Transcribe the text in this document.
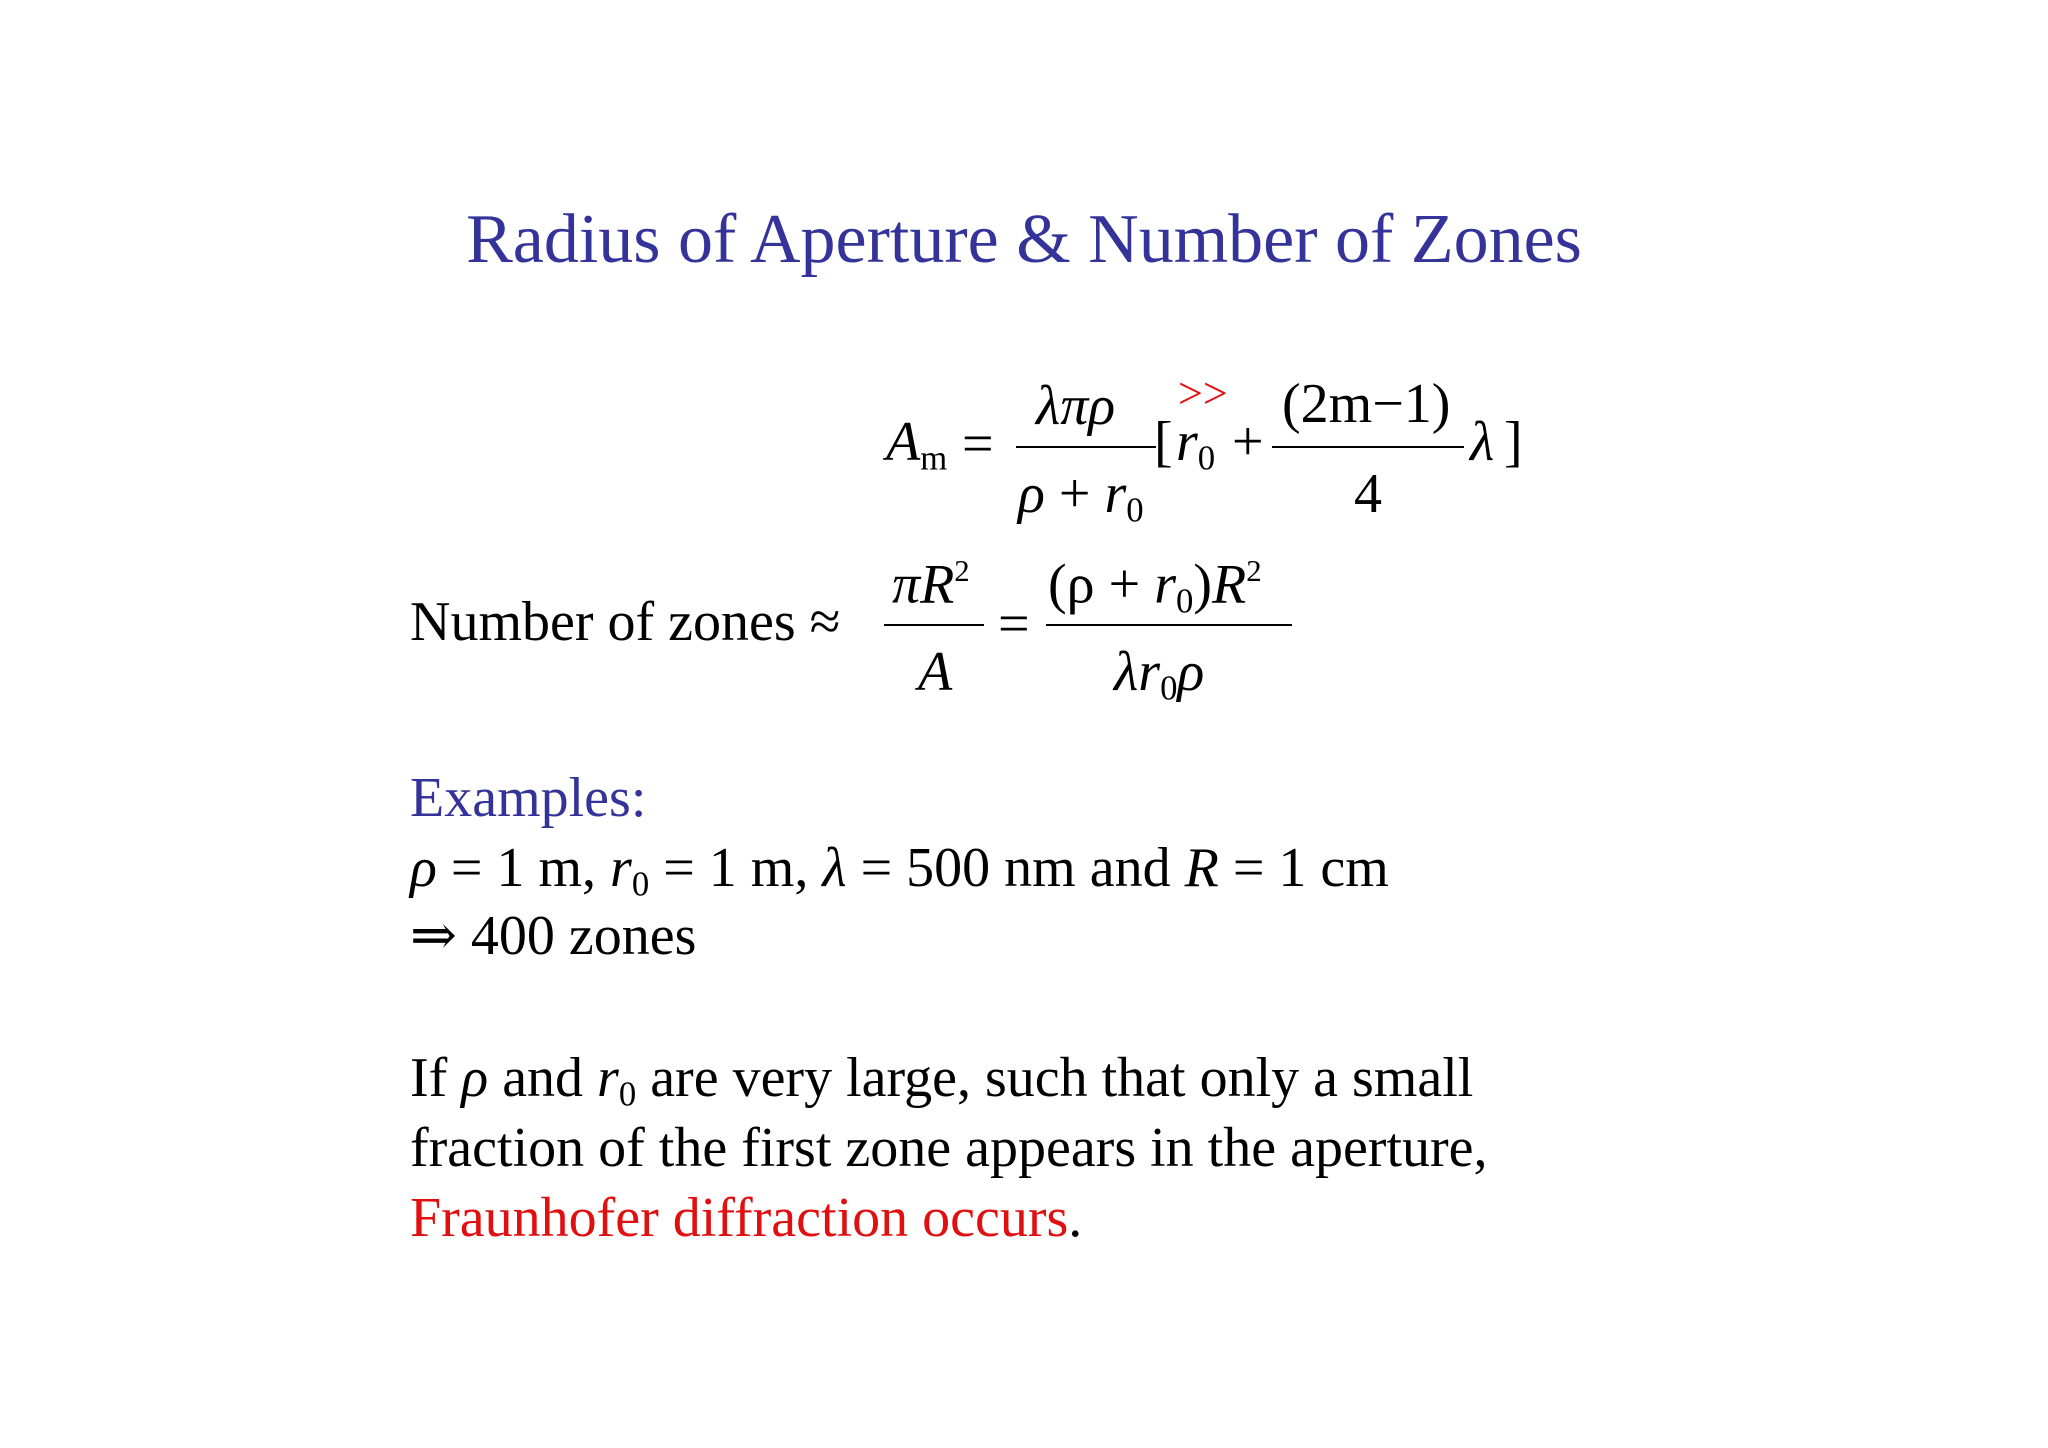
Radius of Aperture & Number of Zones
$A_m$ =
λπρ
$\rho + r_0$
>>
[ $r_0$ +
(2m−1)
4
λ ]
Number of zones ≈
$\pi R^2$
A
=
$(\rho + r_0)R^2$
$\lambda r_0\rho$
Examples:
ρ = 1 m, $r_0 = 1$ m, λ = 500 nm and R = 1 cm
⇒ 400 zones
If ρ and $r_0$ are very large, such that only a small
fraction of the first zone appears in the aperture,
Fraunhofer diffraction occurs.
